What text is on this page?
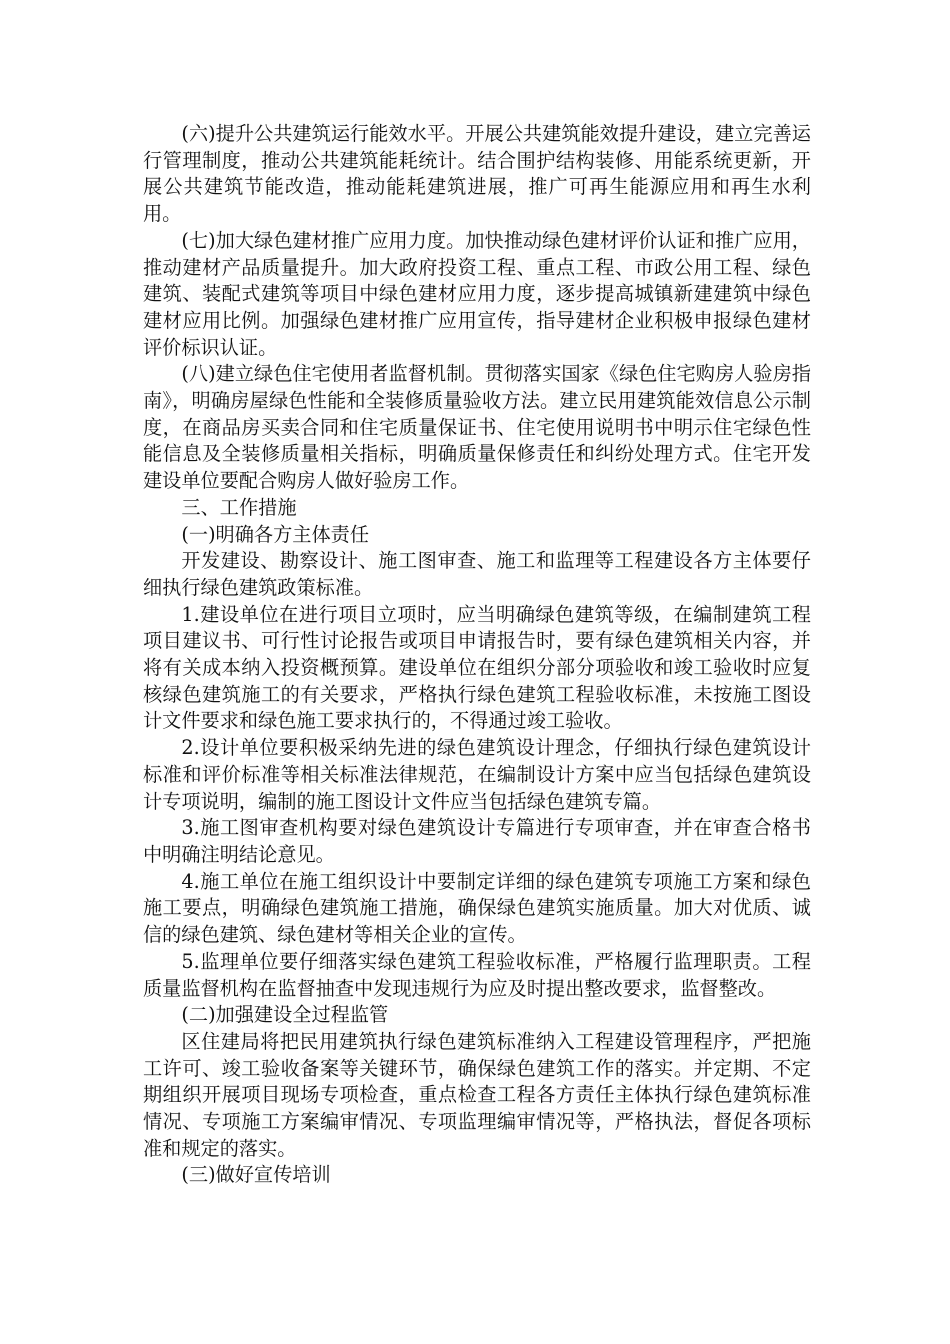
(六)提升公共建筑运行能效水平。开展公共建筑能效提升建设，建立完善运行管理制度，推动公共建筑能耗统计。结合围护结构装修、用能系统更新，开展公共建筑节能改造，推动能耗建筑进展，推广可再生能源应用和再生水利用。

(七)加大绿色建材推广应用力度。加快推动绿色建材评价认证和推广应用，推动建材产品质量提升。加大政府投资工程、重点工程、市政公用工程、绿色建筑、装配式建筑等项目中绿色建材应用力度，逐步提高城镇新建建筑中绿色建材应用比例。加强绿色建材推广应用宣传，指导建材企业积极申报绿色建材评价标识认证。

(八)建立绿色住宅使用者监督机制。贯彻落实国家《绿色住宅购房人验房指南》，明确房屋绿色性能和全装修质量验收方法。建立民用建筑能效信息公示制度，在商品房买卖合同和住宅质量保证书、住宅使用说明书中明示住宅绿色性能信息及全装修质量相关指标，明确质量保修责任和纠纷处理方式。住宅开发建设单位要配合购房人做好验房工作。

三、工作措施

(一)明确各方主体责任

开发建设、勘察设计、施工图审查、施工和监理等工程建设各方主体要仔细执行绿色建筑政策标准。

1.建设单位在进行项目立项时，应当明确绿色建筑等级，在编制建筑工程项目建议书、可行性讨论报告或项目申请报告时，要有绿色建筑相关内容，并将有关成本纳入投资概预算。建设单位在组织分部分项验收和竣工验收时应复核绿色建筑施工的有关要求，严格执行绿色建筑工程验收标准，未按施工图设计文件要求和绿色施工要求执行的，不得通过竣工验收。

2.设计单位要积极采纳先进的绿色建筑设计理念，仔细执行绿色建筑设计标准和评价标准等相关标准法律规范，在编制设计方案中应当包括绿色建筑设计专项说明，编制的施工图设计文件应当包括绿色建筑专篇。

3.施工图审查机构要对绿色建筑设计专篇进行专项审查，并在审查合格书中明确注明结论意见。

4.施工单位在施工组织设计中要制定详细的绿色建筑专项施工方案和绿色施工要点，明确绿色建筑施工措施，确保绿色建筑实施质量。加大对优质、诚信的绿色建筑、绿色建材等相关企业的宣传。

5.监理单位要仔细落实绿色建筑工程验收标准，严格履行监理职责。工程质量监督机构在监督抽查中发现违规行为应及时提出整改要求，监督整改。

(二)加强建设全过程监管

区住建局将把民用建筑执行绿色建筑标准纳入工程建设管理程序，严把施工许可、竣工验收备案等关键环节，确保绿色建筑工作的落实。并定期、不定期组织开展项目现场专项检查，重点检查工程各方责任主体执行绿色建筑标准情况、专项施工方案编审情况、专项监理编审情况等，严格执法，督促各项标准和规定的落实。

(三)做好宣传培训
